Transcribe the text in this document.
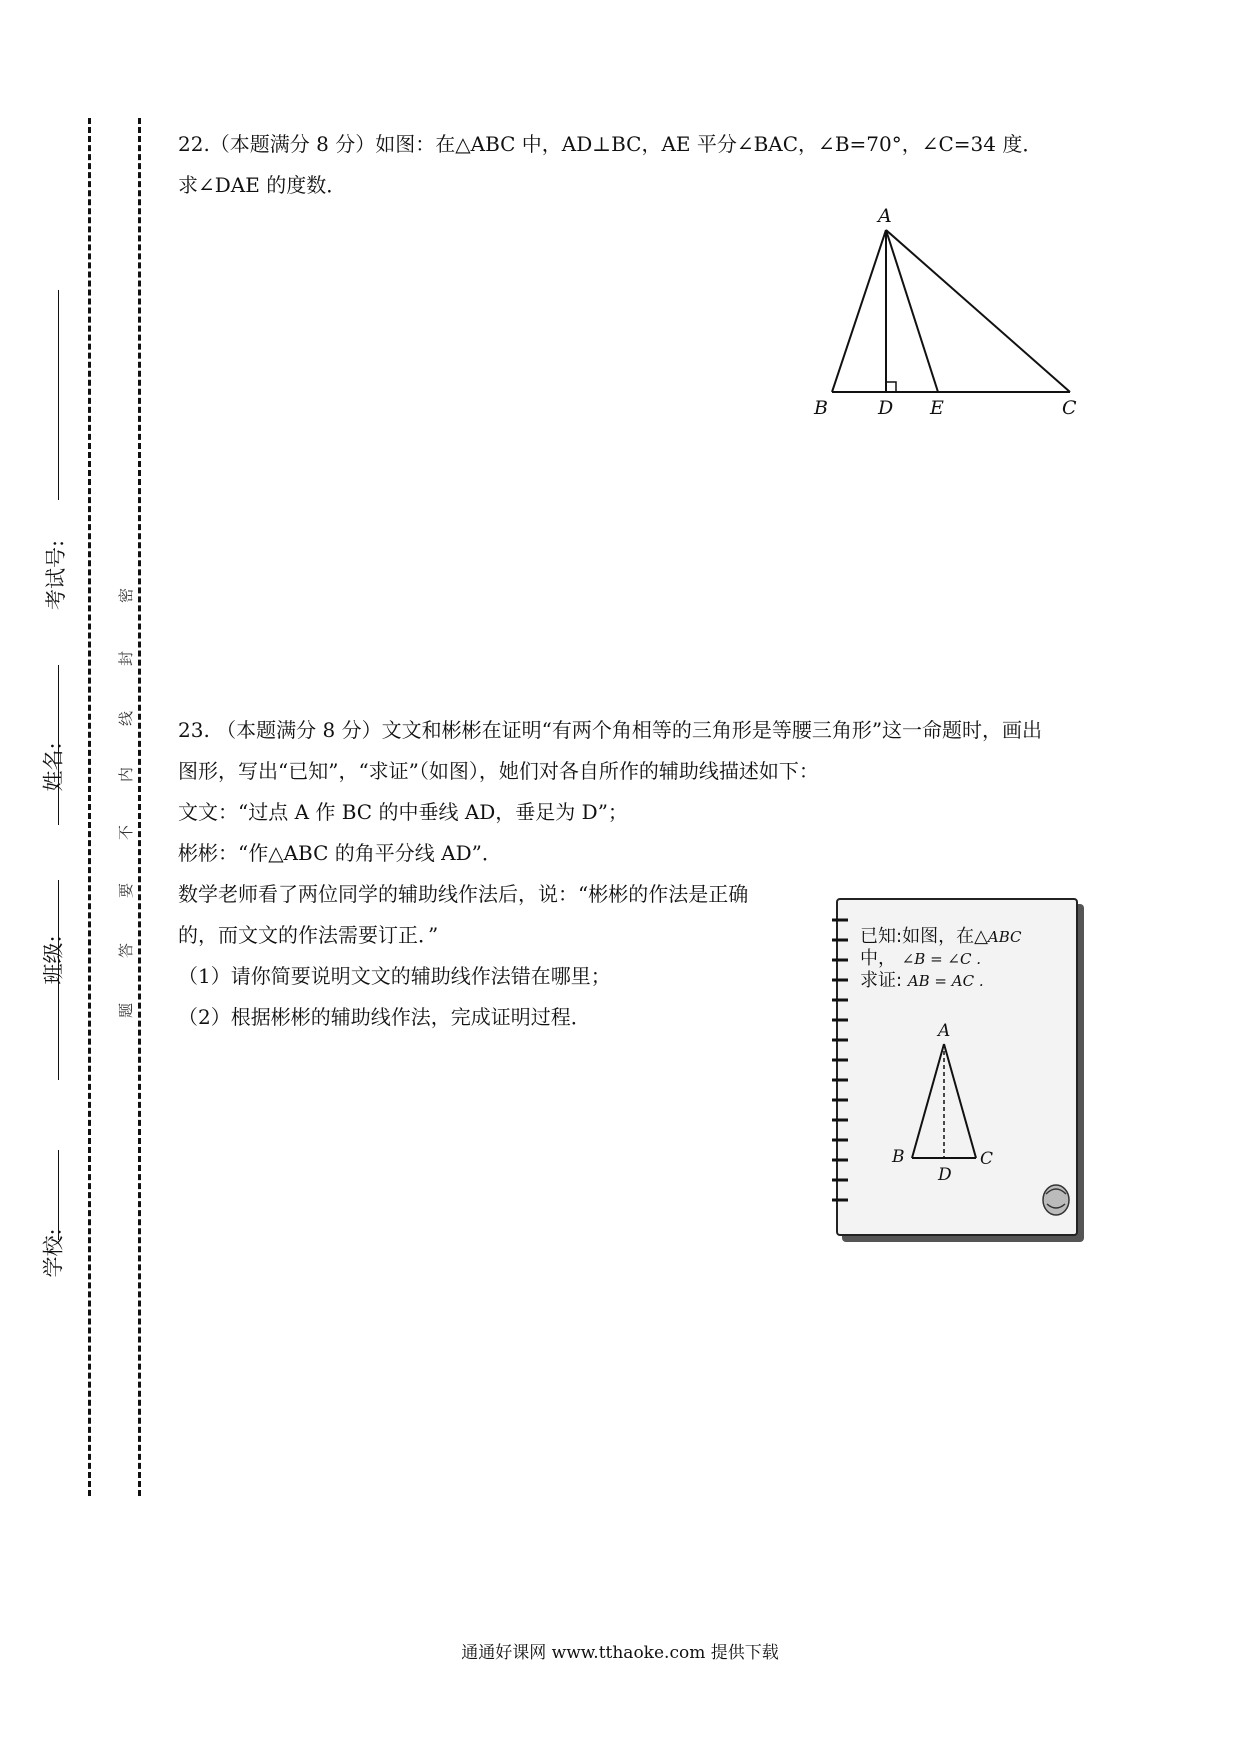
学校:
班级:
姓名:
考试号:	密
封
线
内
不
要
答
题
22.（本题满分 8 分）如图：在△ABC 中，AD⊥BC，AE 平分∠BAC，∠B=70°，∠C=34 度．
求∠DAE 的度数．
A
B	D E	C
23. （本题满分 8 分）文文和彬彬在证明“有两个角相等的三角形是等腰三角形”这一命题时，画出
图形，写出“已知”，“求证”（如图），她们对各自所作的辅助线描述如下：
文文：“过点 A 作 BC 的中垂线 AD，垂足为 D”；
彬彬：“作△ABC 的角平分线 AD”．
数学老师看了两位同学的辅助线作法后，说：“彬彬的作法是正确
的，而文文的作法需要订正．”
（1）请你简要说明文文的辅助线作法错在哪里；
（2）根据彬彬的辅助线作法，完成证明过程．
已知:如图，在△ABC
中， ∠B = ∠C .
求证: AB = AC .
A
B	C
D
通通好课网 www.tthaoke.com 提供下载
